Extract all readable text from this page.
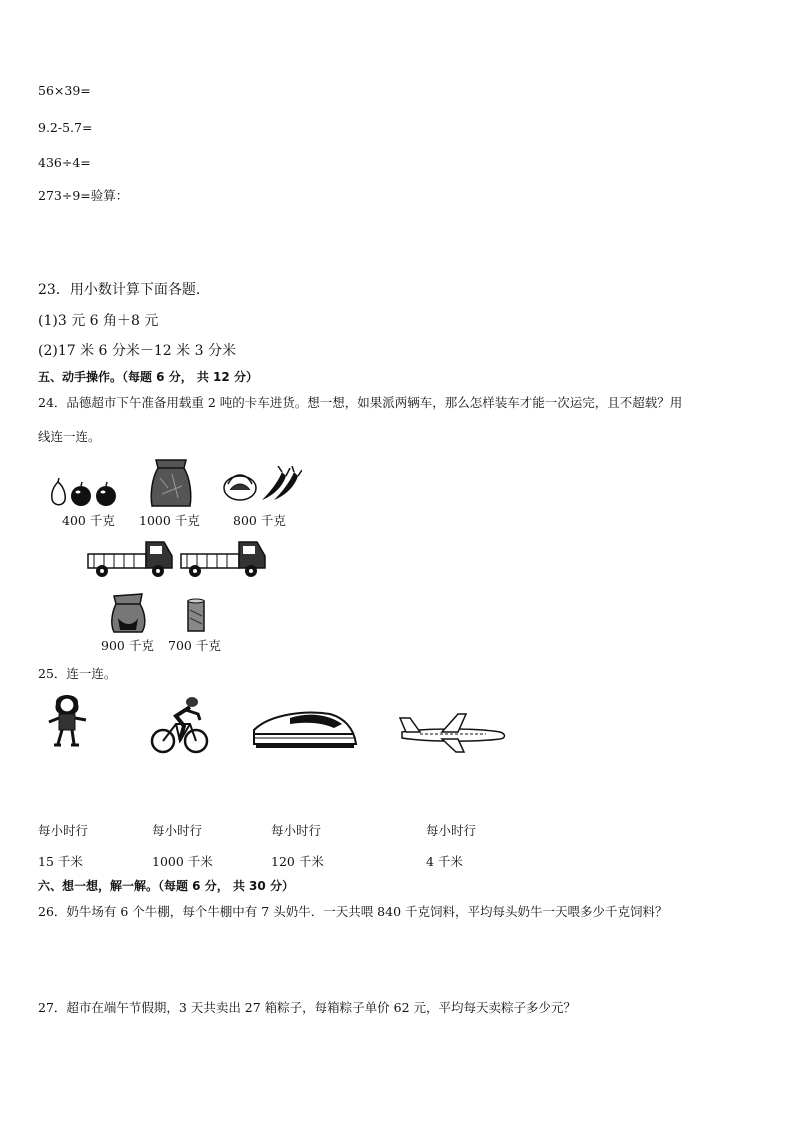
56×39=
9.2-5.7=
436÷4=
273÷9=验算：
23．用小数计算下面各题.
(1)3 元 6 角＋8 元
(2)17 米 6 分米－12 米 3 分米
五、动手操作。（每题 6 分， 共 12 分）
24．品德超市下午准备用载重 2 吨的卡车进货。想一想，如果派两辆车，那么怎样装车才能一次运完，且不超载？用
线连一连。
400 千克 1000 千克	800 千克
900 千克 700 千克
25．连一连。
每小时行	每小时行	每小时行	每小时行
15 千米	1000 千米	120 千米	4 千米
六、想一想，解一解。（每题 6 分， 共 30 分）
26．奶牛场有 6 个牛棚，每个牛棚中有 7 头奶牛．一天共喂 840 千克饲料，平均每头奶牛一天喂多少千克饲料？
27．超市在端午节假期，3 天共卖出 27 箱粽子，每箱粽子单价 62 元，平均每天卖粽子多少元？
